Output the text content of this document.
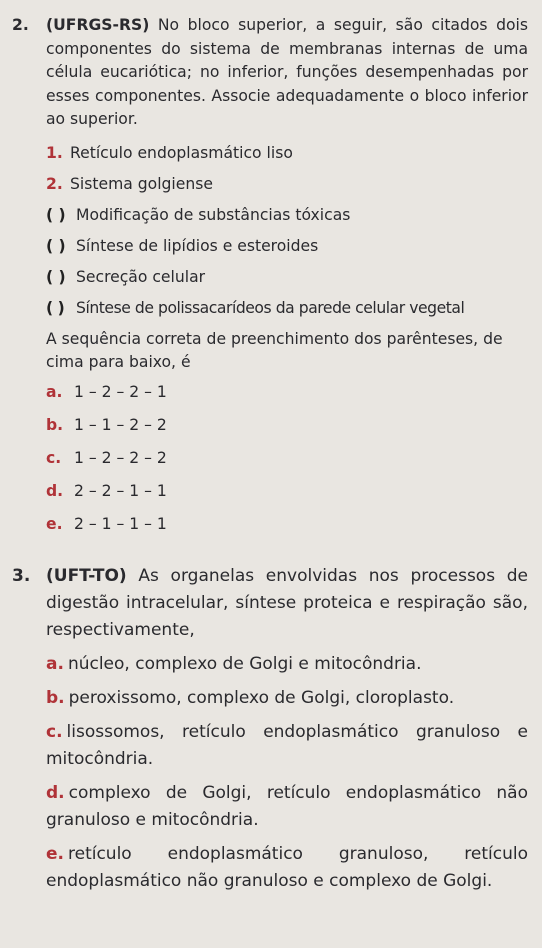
2. (UFRGS-RS) No bloco superior, a seguir, são citados dois componentes do sistema de membranas internas de uma célula eucariótica; no inferior, funções desempenhadas por esses componentes. Associe adequadamente o bloco inferior ao superior.
1. Retículo endoplasmático liso
2. Sistema golgiense
( ) Modificação de substâncias tóxicas
( ) Síntese de lipídios e esteroides
( ) Secreção celular
( ) Síntese de polissacarídeos da parede celular vegetal
A sequência correta de preenchimento dos parênteses, de cima para baixo, é
a. 1 – 2 – 2 – 1
b. 1 – 1 – 2 – 2
c. 1 – 2 – 2 – 2
d. 2 – 2 – 1 – 1
e. 2 – 1 – 1 – 1
3. (UFT-TO) As organelas envolvidas nos processos de digestão intracelular, síntese proteica e respiração são, respectivamente,
a. núcleo, complexo de Golgi e mitocôndria.
b. peroxissomo, complexo de Golgi, cloroplasto.
c. lisossomos, retículo endoplasmático granuloso e mitocôndria.
d. complexo de Golgi, retículo endoplasmático não granuloso e mitocôndria.
e. retículo endoplasmático granuloso, retículo endoplasmático não granuloso e complexo de Golgi.
